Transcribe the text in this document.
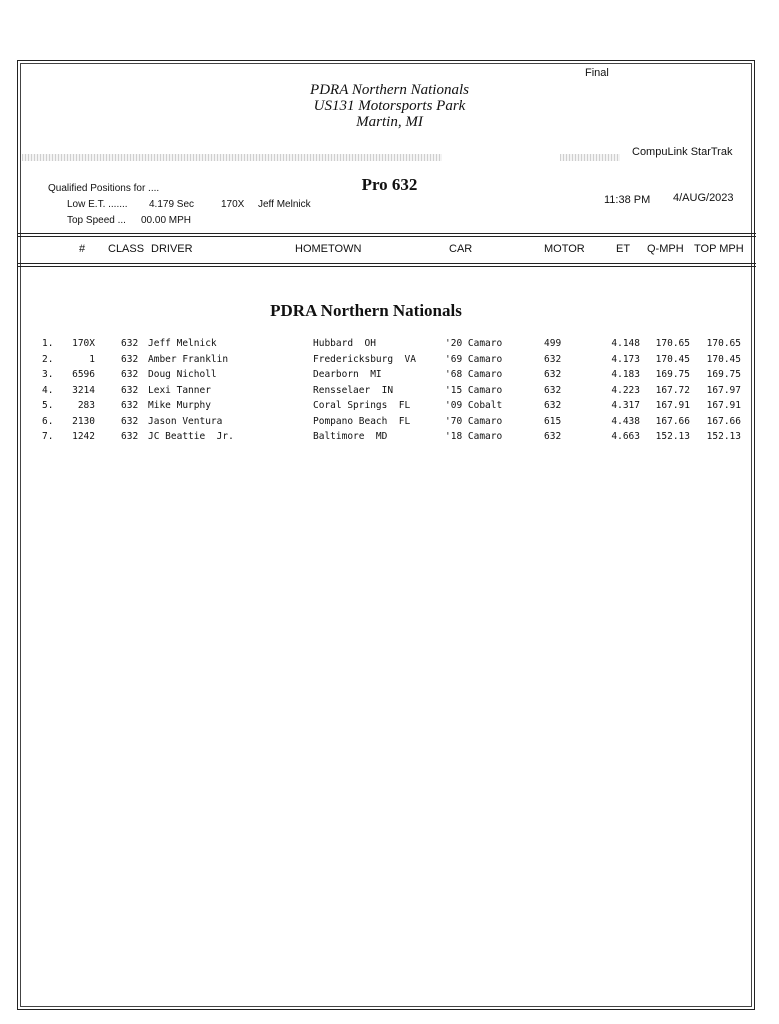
Final
PDRA Northern Nationals
US131 Motorsports Park
Martin, MI
CompuLink StarTrak
Pro 632
Qualified Positions for ....
Low E.T. ....... 4.179 Sec	170X Jeff Melnick
Top Speed ... 00.00 MPH
11:38 PM 4/AUG/2023
# CLASS DRIVER	HOMETOWN	CAR	MOTOR	ET Q-MPH TOP MPH
PDRA Northern Nationals
1. 170X	632 Jeff Melnick	Hubbard  OH	'20 Camaro	499	4.148 170.65 170.65
2.	1	632 Amber Franklin	Fredericksburg  VA	'69 Camaro	632	4.173 170.45 170.45
3. 6596	632 Doug Nicholl	Dearborn  MI	'68 Camaro	632	4.183 169.75 169.75
4. 3214	632 Lexi Tanner	Rensselaer  IN	'15 Camaro	632	4.223 167.72 167.97
5.	283	632 Mike Murphy	Coral Springs  FL	'09 Cobalt	632	4.317 167.91 167.91
6. 2130	632 Jason Ventura	Pompano Beach  FL	'70 Camaro	615	4.438 167.66 167.66
7. 1242	632 JC Beattie  Jr.	Baltimore  MD	'18 Camaro	632	4.663 152.13 152.13
